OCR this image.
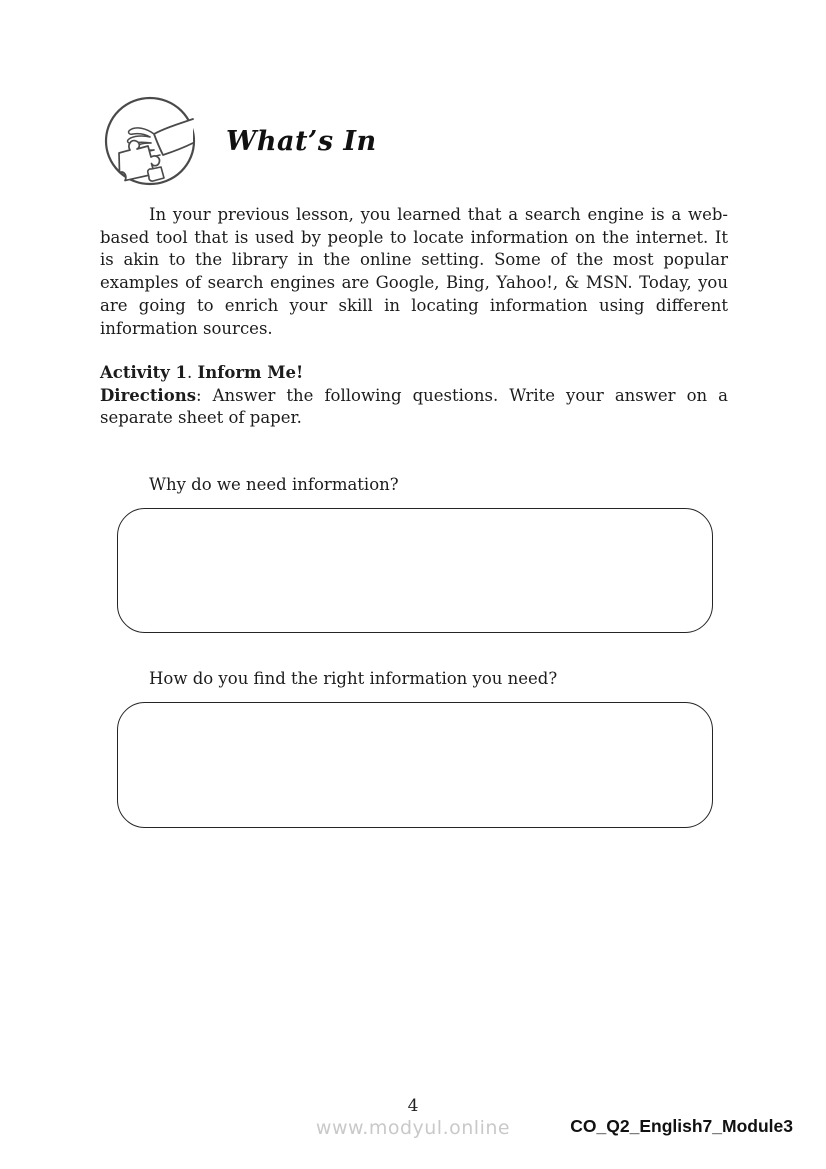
What’s In

In your previous lesson, you learned that a search engine is a web-based tool that is used by people to locate information on the internet. It is akin to the library in the online setting. Some of the most popular examples of search engines are Google, Bing, Yahoo!, & MSN. Today, you are going to enrich your skill in locating information using different information sources.

Activity 1. Inform Me!

Directions: Answer the following questions. Write your answer on a separate sheet of paper.

Why do we need information?

How do you find the right information you need?

4
www.modyul.online	CO_Q2_English7_Module3
